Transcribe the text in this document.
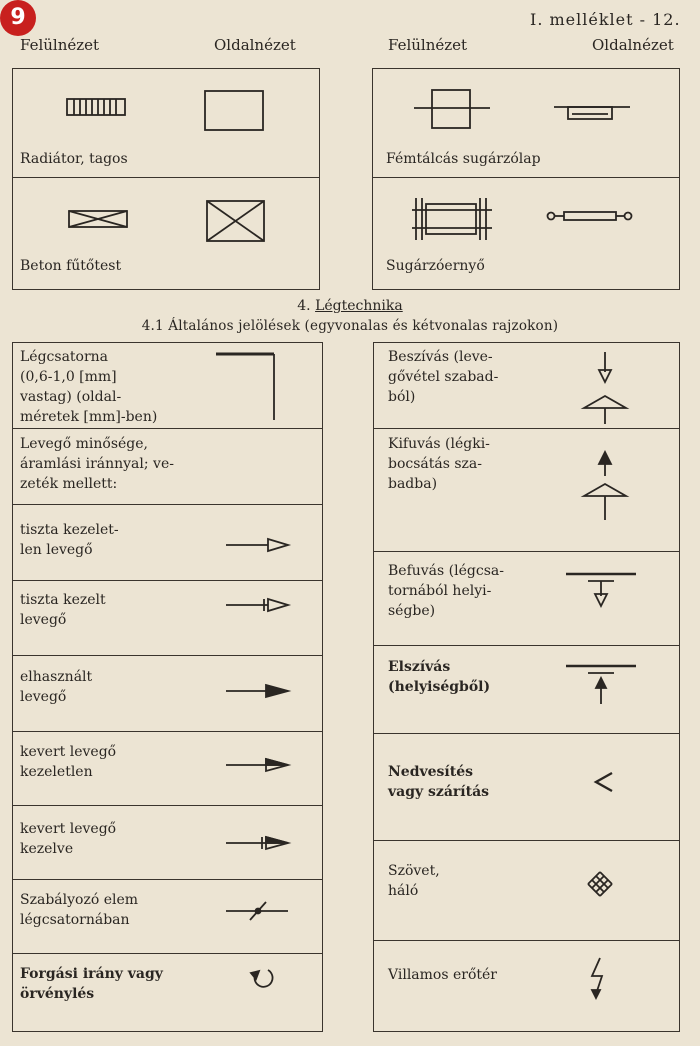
9	I. melléklet - 12.
Felülnézet	Oldalnézet	Felülnézet	Oldalnézet
Radiátor, tagos	Fémtálcás sugárzólap
Beton fűtőtest	Sugárzóernyő
4. Légtechnika
4.1 Általános jelölések (egyvonalas és kétvonalas rajzokon)
Légcsatorna
(0,6-1,0 [mm]
vastag) (oldal-
méretek [mm]-ben)
Levegő minősége,
áramlási iránnyal; ve-
zeték mellett:
tiszta kezelet-
len levegő
tiszta kezelt
levegő
elhasznált
levegő
kevert levegő
kezeletlen
kevert levegő
kezelve
Szabályozó elem
légcsatornában
Forgási irány vagy
örvénylés
Beszívás (leve-
gővétel szabad-
ból)
Kifuvás (légki-
bocsátás sza-
badba)
Befuvás (légcsa-
tornából helyi-
ségbe)
Elszívás
(helyiségből)
Nedvesítés
vagy szárítás
Szövet,
háló
Villamos erőtér
